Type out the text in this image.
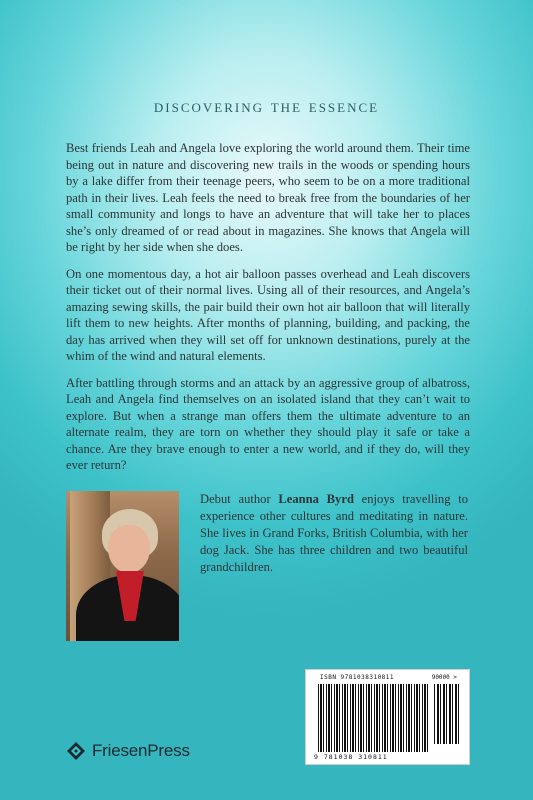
discovering the essence

Best friends Leah and Angela love exploring the world around them. Their time being out in nature and discovering new trails in the woods or spending hours by a lake differ from their teenage peers, who seem to be on a more traditional path in their lives. Leah feels the need to break free from the boundaries of her small community and longs to have an adventure that will take her to places she’s only dreamed of or read about in magazines. She knows that Angela will be right by her side when she does.

On one momentous day, a hot air balloon passes overhead and Leah discovers their ticket out of their normal lives. Using all of their resources, and Angela’s amazing sewing skills, the pair build their own hot air balloon that will literally lift them to new heights. After months of planning, building, and packing, the day has arrived when they will set off for unknown destinations, purely at the whim of the wind and natural elements.

After battling through storms and an attack by an aggressive group of albatross, Leah and Angela find themselves on an isolated island that they can’t wait to explore. But when a strange man offers them the ultimate adventure to an alternate realm, they are torn on whether they should play it safe or take a chance. Are they brave enough to enter a new world, and if they do, will they ever return?

Debut author Leanna Byrd enjoys travelling to experience other cultures and meditating in nature. She lives in Grand Forks, British Columbia, with her dog Jack. She has three children and two beautiful grandchildren.
ISBN 978103831081​1	90000 >
9 781038 310811
FriesenPress
